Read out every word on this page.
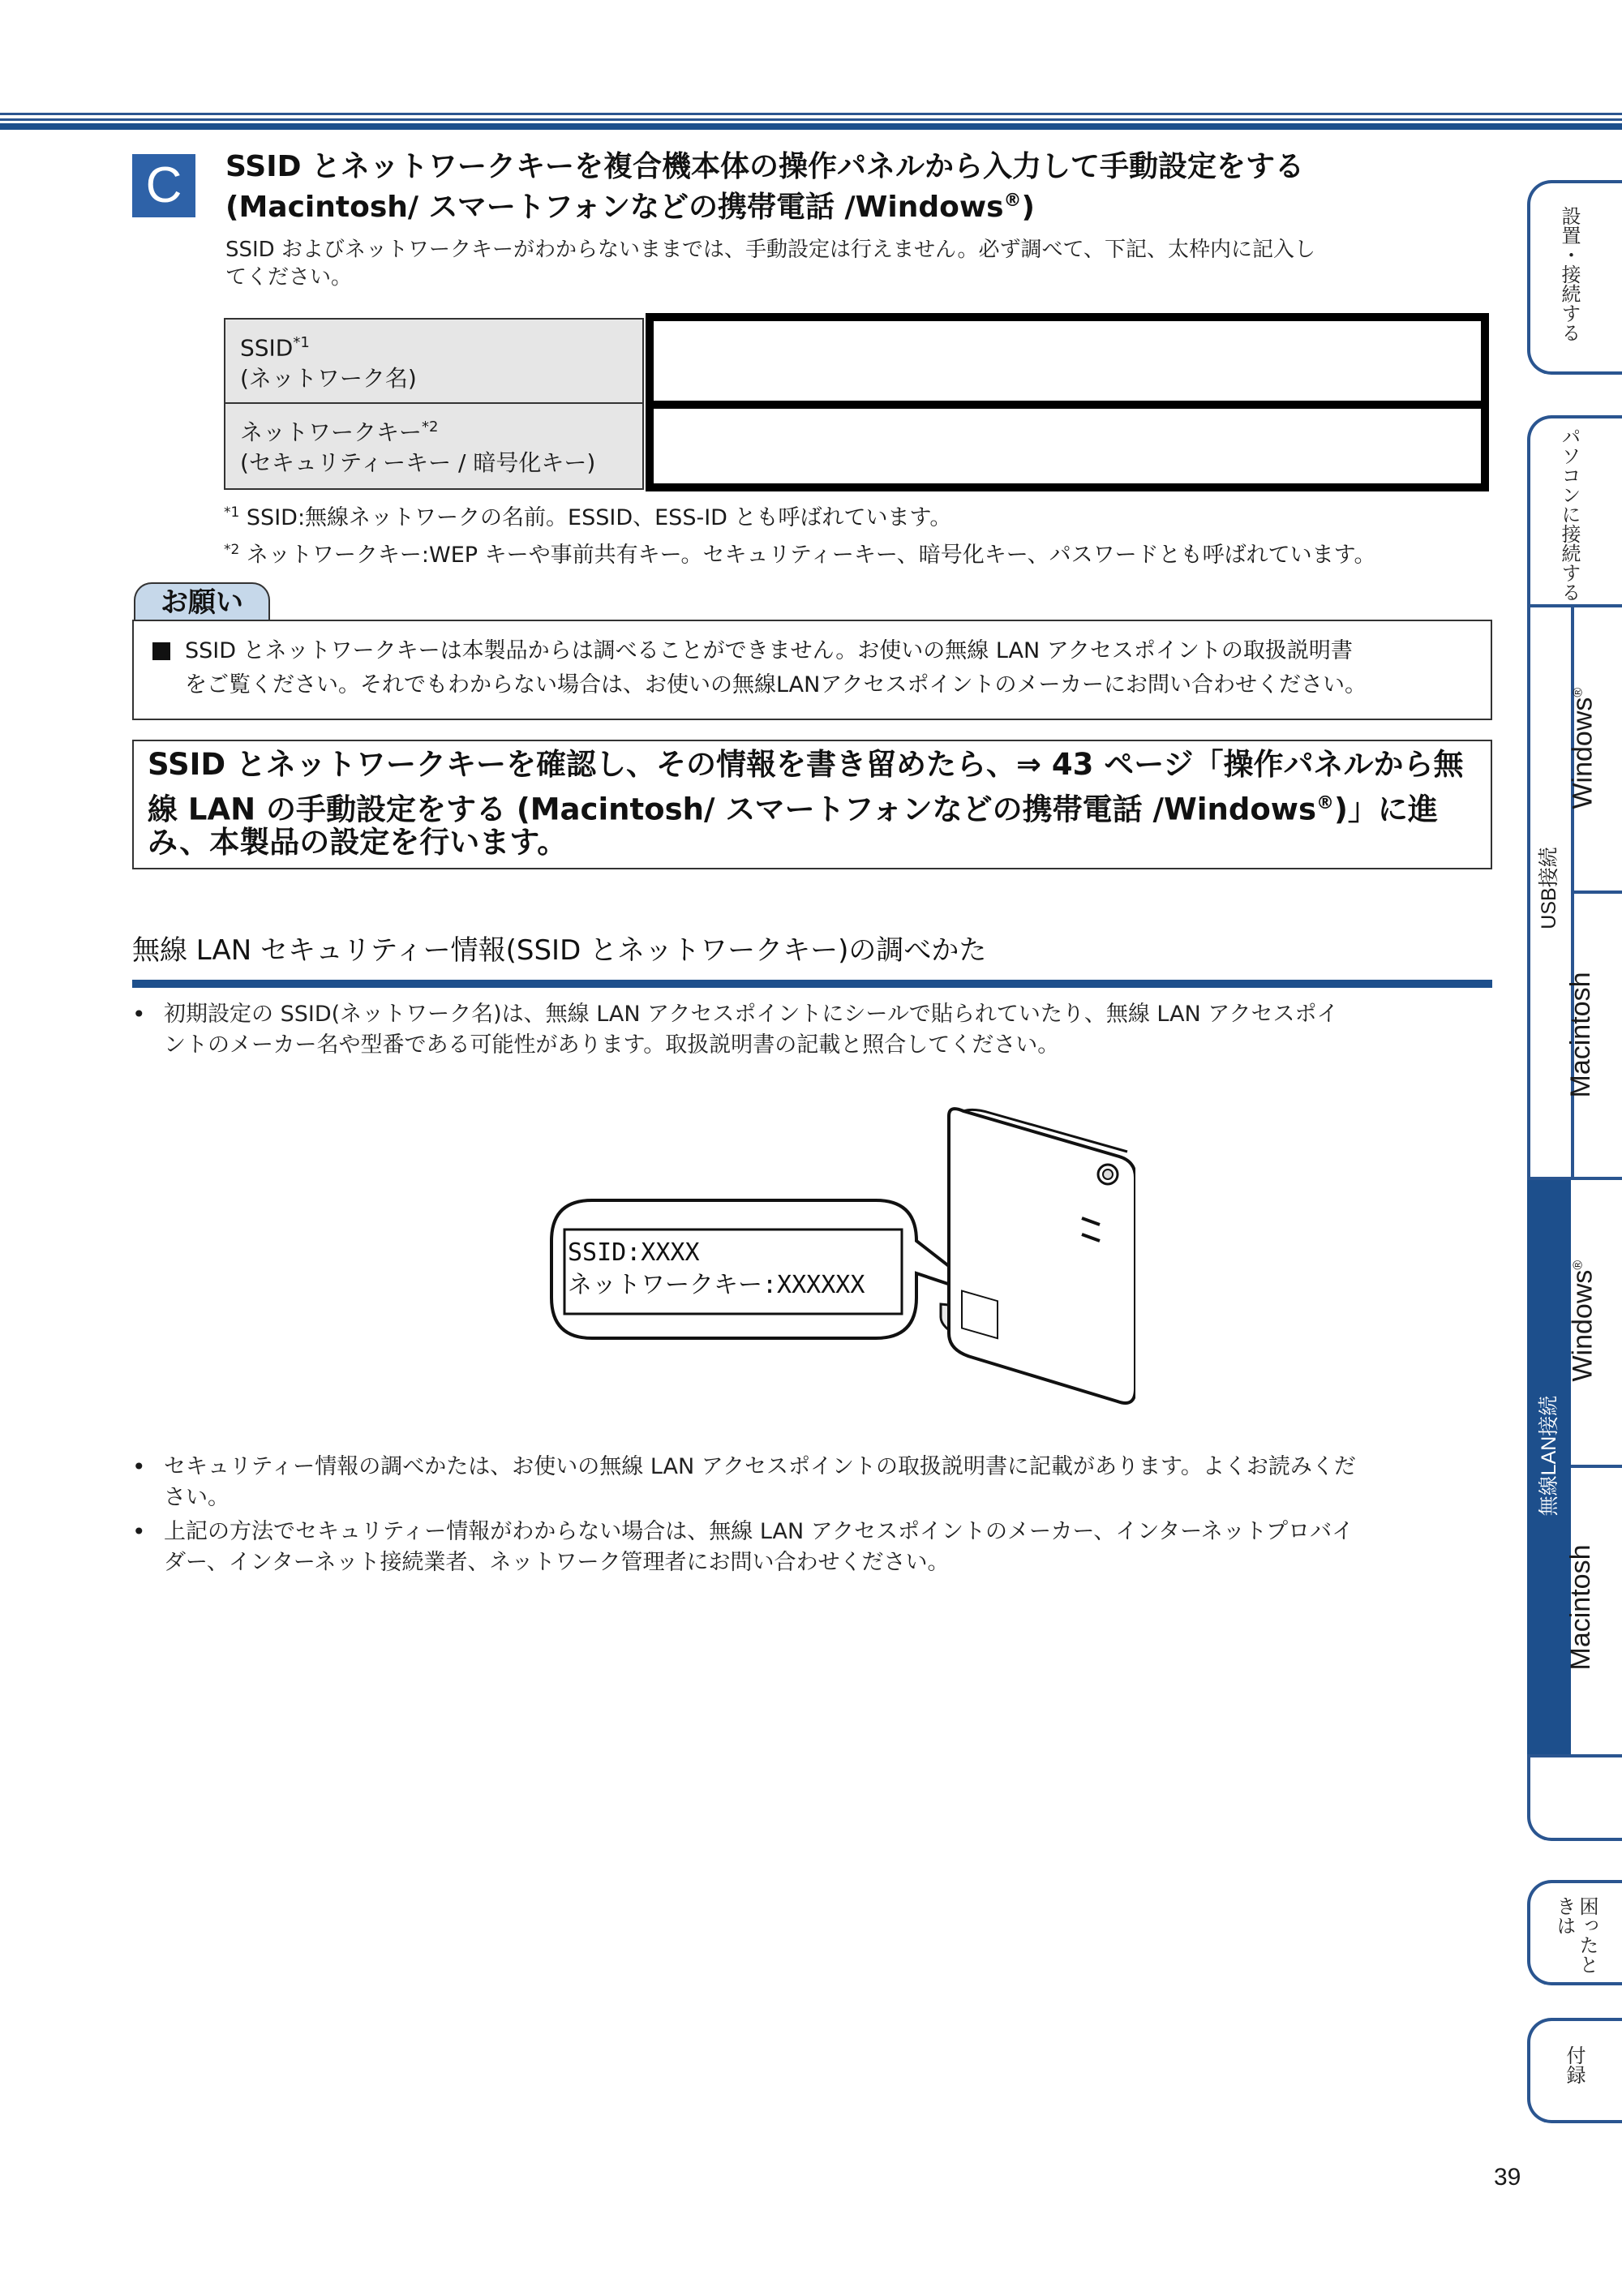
C	SSID とネットワークキーを複合機本体の操作パネルから入力して手動設定をする
(Macintosh/ スマートフォンなどの携帯電話 /Windows®)
SSID およびネットワークキーがわからないままでは、手動設定は行えません。必ず調べて、下記、太枠内に記入し
てください。
SSID$^{*1}$
(ネットワーク名)
ネットワークキー$^{*2}$
(セキュリティーキー / 暗号化キー)
$^{*1}$ SSID:無線ネットワークの名前。ESSID、ESS-ID とも呼ばれています。
$^{*2}$ ネットワークキー:WEP キーや事前共有キー。セキュリティーキー、暗号化キー、パスワードとも呼ばれています。
お願い
SSID とネットワークキーは本製品からは調べることができません。お使いの無線 LAN アクセスポイントの取扱説明書
をご覧ください。それでもわからない場合は、お使いの無線LANアクセスポイントのメーカーにお問い合わせください。
SSID とネットワークキーを確認し、その情報を書き留めたら、⇒ 43 ページ「操作パネルから無
線 LAN の手動設定をする (Macintosh/ スマートフォンなどの携帯電話 /Windows®)」に進
み、本製品の設定を行います。
無線 LAN セキュリティー情報(SSID とネットワークキー)の調べかた
• 初期設定の SSID(ネットワーク名)は、無線 LAN アクセスポイントにシールで貼られていたり、無線 LAN アクセスポイ
ントのメーカー名や型番である可能性があります。取扱説明書の記載と照合してください。
SSID:XXXX
ネットワークキー:XXXXXX
• セキュリティー情報の調べかたは、お使いの無線 LAN アクセスポイントの取扱説明書に記載があります。よくお読みくだ
さい。
• 上記の方法でセキュリティー情報がわからない場合は、無線 LAN アクセスポイントのメーカー、インターネットプロバイ
ダー、インターネット接続業者、ネットワーク管理者にお問い合わせください。
設置・接続する
パソコンに接続する
USB接続
Windows®
Macintosh
無線LAN接続
Windows®
Macintosh
困ったときは
付録
39
